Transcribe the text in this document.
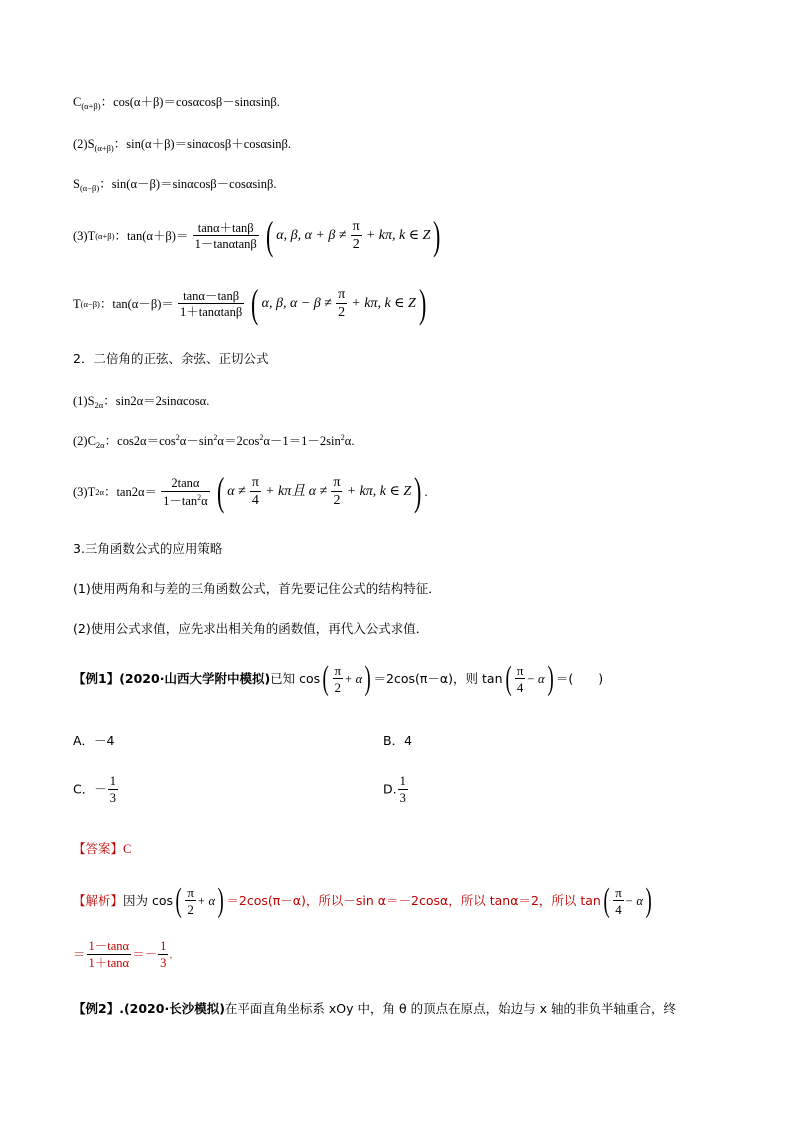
$C_{(\alpha+\beta)}$：cos(α＋β)＝cosαcosβ－sinαsinβ.
$(2)S_{(\alpha+\beta)}$：sin(α＋β)＝sinαcosβ＋cosαsinβ.
$S_{(\alpha-\beta)}$：sin(α－β)＝sinαcosβ－cosαsinβ.
(3)T(α+β)：$\tan(\alpha+\beta)= \frac{\tan\alpha+\tan\beta}{1-\tan\alpha\tan\beta}$ ( α, β, $\alpha + \beta \ne \frac{\pi}{2} + k\pi$, k ∈ Z)
T(α−β)：$\tan(\alpha-\beta)= \frac{\tan\alpha-\tan\beta}{1+\tan\alpha\tan\beta}$ ( α, β, $\alpha - \beta \ne \frac{\pi}{2} + k\pi$, k ∈ Z)
2．二倍角的正弦、余弦、正切公式
$(1)S_{2\alpha}$：sin2α＝2sinαcosα.
$(2)C_{2\alpha}$：$\cos 2\alpha=\cos^2\alpha-\sin^2\alpha=2\cos^2\alpha-1=1-2\sin^2\alpha$.
(3)T2α：$\tan 2\alpha= \frac{2\tan\alpha}{1-\tan^2\alpha}$ ( $\alpha \ne \frac{\pi}{4} + k\pi$且 $\alpha \ne \frac{\pi}{2} + k\pi$, k ∈ Z) .
3.三角函数公式的应用策略
(1)使用两角和与差的三角函数公式，首先要记住公式的结构特征．
(2)使用公式求值，应先求出相关角的函数值，再代入公式求值．
【例1】(2020·山西大学附中模拟)已知 $\cos( \frac{\pi}{2} + \alpha) =2\cos(\pi-\alpha)$，则 $\tan( \frac{\pi}{4} - \alpha)$ ＝(　　)
A．－4	B．4
C．－ $\frac{1}{3}$	D. $\frac{1}{3}$
【答案】C
【解析】因为 $\cos( \frac{\pi}{2} + \alpha) =2\cos(\pi-\alpha)$，所以－sin α＝－2cosα，所以 tanα＝2，所以 $\tan( \frac{\pi}{4} - \alpha)$
＝ $\frac{1-\tan\alpha}{1+\tan\alpha} =- \frac{1}{3}$ .
【例2】.(2020·长沙模拟)在平面直角坐标系 xOy 中，角 θ 的顶点在原点，始边与 x 轴的非负半轴重合，终
